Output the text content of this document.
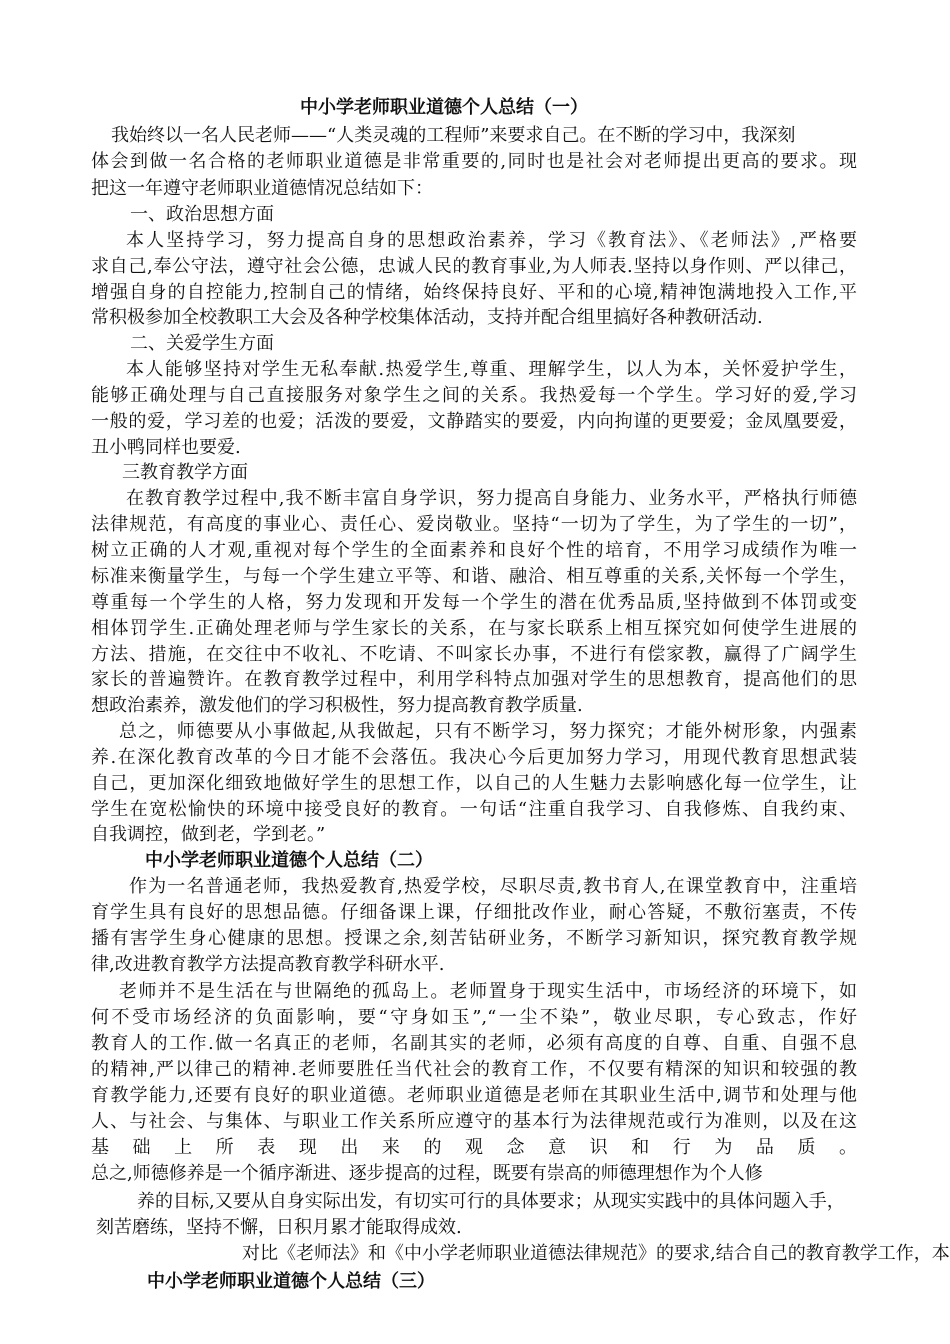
中小学老师职业道德个人总结（一）
我始终以一名人民老师——“人类灵魂的工程师”来要求自己。在不断的学习中，我深刻
体会到做一名合格的老师职业道德是非常重要的,同时也是社会对老师提出更高的要求。现
把这一年遵守老师职业道德情况总结如下：
一、政治思想方面
本人坚持学习，努力提高自身的思想政治素养，学习《教育法》、《老师法》,严格要
求自己,奉公守法，遵守社会公德，忠诚人民的教育事业,为人师表.坚持以身作则、严以律己，
增强自身的自控能力,控制自己的情绪，始终保持良好、平和的心境,精神饱满地投入工作,平
常积极参加全校教职工大会及各种学校集体活动，支持并配合组里搞好各种教研活动.
二、关爱学生方面
本人能够坚持对学生无私奉献.热爱学生,尊重、理解学生，以人为本，关怀爱护学生，
能够正确处理与自己直接服务对象学生之间的关系。我热爱每一个学生。学习好的爱,学习
一般的爱，学习差的也爱；活泼的要爱，文静踏实的要爱，内向拘谨的更要爱；金凤凰要爱，
丑小鸭同样也要爱.
三教育教学方面
在教育教学过程中,我不断丰富自身学识，努力提高自身能力、业务水平，严格执行师德
法律规范，有高度的事业心、责任心、爱岗敬业。坚持“一切为了学生，为了学生的一切”，
树立正确的人才观,重视对每个学生的全面素养和良好个性的培育，不用学习成绩作为唯一
标准来衡量学生，与每一个学生建立平等、和谐、融洽、相互尊重的关系,关怀每一个学生，
尊重每一个学生的人格，努力发现和开发每一个学生的潜在优秀品质,坚持做到不体罚或变
相体罚学生.正确处理老师与学生家长的关系，在与家长联系上相互探究如何使学生进展的
方法、措施，在交往中不收礼、不吃请、不叫家长办事，不进行有偿家教，赢得了广阔学生
家长的普遍赞许。在教育教学过程中，利用学科特点加强对学生的思想教育，提高他们的思
想政治素养，激发他们的学习积极性，努力提高教育教学质量.
总之，师德要从小事做起,从我做起，只有不断学习，努力探究；才能外树形象，内强素
养.在深化教育改革的今日才能不会落伍。我决心今后更加努力学习，用现代教育思想武装
自己，更加深化细致地做好学生的思想工作，以自己的人生魅力去影响感化每一位学生，让
学生在宽松愉快的环境中接受良好的教育。一句话“注重自我学习、自我修炼、自我约束、
自我调控，做到老，学到老。”
中小学老师职业道德个人总结（二）
作为一名普通老师，我热爱教育,热爱学校，尽职尽责,教书育人,在课堂教育中，注重培
育学生具有良好的思想品德。仔细备课上课，仔细批改作业，耐心答疑，不敷衍塞责，不传
播有害学生身心健康的思想。授课之余,刻苦钻研业务，不断学习新知识，探究教育教学规
律,改进教育教学方法提高教育教学科研水平.
老师并不是生活在与世隔绝的孤岛上。老师置身于现实生活中，市场经济的环境下，如
何不受市场经济的负面影响，要“守身如玉”,“一尘不染”，敬业尽职，专心致志，作好
教育人的工作.做一名真正的老师，名副其实的老师，必须有高度的自尊、自重、自强不息
的精神,严以律己的精神.老师要胜任当代社会的教育工作，不仅要有精深的知识和较强的教
育教学能力,还要有良好的职业道德。老师职业道德是老师在其职业生活中,调节和处理与他
人、与社会、与集体、与职业工作关系所应遵守的基本行为法律规范或行为准则，以及在这
基础上所表现出来的观念意识和行为品质。
总之,师德修养是一个循序渐进、逐步提高的过程，既要有崇高的师德理想作为个人修
养的目标,又要从自身实际出发，有切实可行的具体要求；从现实实践中的具体问题入手，
刻苦磨练，坚持不懈，日积月累才能取得成效.
对比《老师法》和《中小学老师职业道德法律规范》的要求,结合自己的教育教学工作，本
中小学老师职业道德个人总结（三）
